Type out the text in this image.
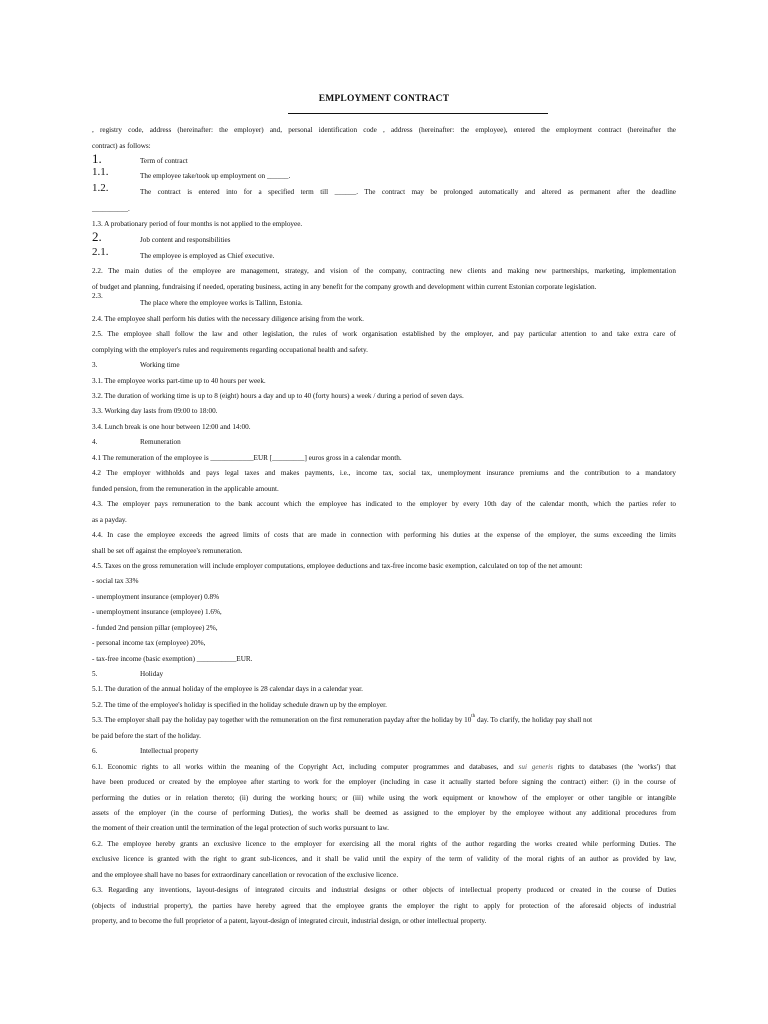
EMPLOYMENT CONTRACT
, registry code, address (hereinafter: the employer) and, personal identification code , address (hereinafter: the employee), entered the employment contract (hereinafter the
contract) as follows:
1.	Term of contract
1.1.	The employee take/took up employment on ______.
1.2.	The contract is entered into for a specified term till ______. The contract may be prolonged automatically and altered as permanent after the deadline
__________.
1.3. A probationary period of four months is not applied to the employee.
2.	Job content and responsibilities
2.1.	The employee is employed as Chief executive.
2.2. The main duties of the employee are management, strategy, and vision of the company, contracting new clients and making new partnerships, marketing, implementation
of budget and planning, fundraising if needed, operating business, acting in any benefit for the company growth and development within current Estonian corporate legislation.
2.3.
The place where the employee works is Tallinn, Estonia.
2.4. The employee shall perform his duties with the necessary diligence arising from the work.
2.5. The employee shall follow the law and other legislation, the rules of work organisation established by the employer, and pay particular attention to and take extra care of
complying with the employer's rules and requirements regarding occupational health and safety.
3.	Working time
3.1. The employee works part-time up to 40 hours per week.
3.2. The duration of working time is up to 8 (eight) hours a day and up to 40 (forty hours) a week / during a period of seven days.
3.3. Working day lasts from 09:00 to 18:00.
3.4. Lunch break is one hour between 12:00 and 14:00.
4.	Remuneration
4.1 The remuneration of the employee is ____________EUR [_________] euros gross in a calendar month.
4.2 The employer withholds and pays legal taxes and makes payments, i.e., income tax, social tax, unemployment insurance premiums and the contribution to a mandatory
funded pension, from the remuneration in the applicable amount.
4.3. The employer pays remuneration to the bank account which the employee has indicated to the employer by every 10th day of the calendar month, which the parties refer to
as a payday.
4.4. In case the employee exceeds the agreed limits of costs that are made in connection with performing his duties at the expense of the employer, the sums exceeding the limits
shall be set off against the employee's remuneration.
4.5. Taxes on the gross remuneration will include employer computations, employee deductions and tax-free income basic exemption, calculated on top of the net amount:
- social tax 33%
- unemployment insurance (employer) 0.8%
- unemployment insurance (employee) 1.6%,
- funded 2nd pension pillar (employee) 2%,
- personal income tax (employee) 20%,
- tax-free income (basic exemption) ___________EUR.
5.	Holiday
5.1. The duration of the annual holiday of the employee is 28 calendar days in a calendar year.
5.2. The time of the employee's holiday is specified in the holiday schedule drawn up by the employer.
5.3. The employer shall pay the holiday pay together with the remuneration on the first remuneration payday after the holiday by 10th day. To clarify, the holiday pay shall not
be paid before the start of the holiday.
6.	Intellectual property
6.1. Economic rights to all works within the meaning of the Copyright Act, including computer programmes and databases, and sui generis rights to databases (the 'works') that
have been produced or created by the employee after starting to work for the employer (including in case it actually started before signing the contract) either: (i) in the course of
performing the duties or in relation thereto; (ii) during the working hours; or (iii) while using the work equipment or knowhow of the employer or other tangible or intangible
assets of the employer (in the course of performing Duties), the works shall be deemed as assigned to the employer by the employee without any additional procedures from
the moment of their creation until the termination of the legal protection of such works pursuant to law.
6.2. The employee hereby grants an exclusive licence to the employer for exercising all the moral rights of the author regarding the works created while performing Duties. The
exclusive licence is granted with the right to grant sub-licences, and it shall be valid until the expiry of the term of validity of the moral rights of an author as provided by law,
and the employee shall have no bases for extraordinary cancellation or revocation of the exclusive licence.
6.3. Regarding any inventions, layout-designs of integrated circuits and industrial designs or other objects of intellectual property produced or created in the course of Duties
(objects of industrial property), the parties have hereby agreed that the employee grants the employer the right to apply for protection of the aforesaid objects of industrial
property, and to become the full proprietor of a patent, layout-design of integrated circuit, industrial design, or other intellectual property.
